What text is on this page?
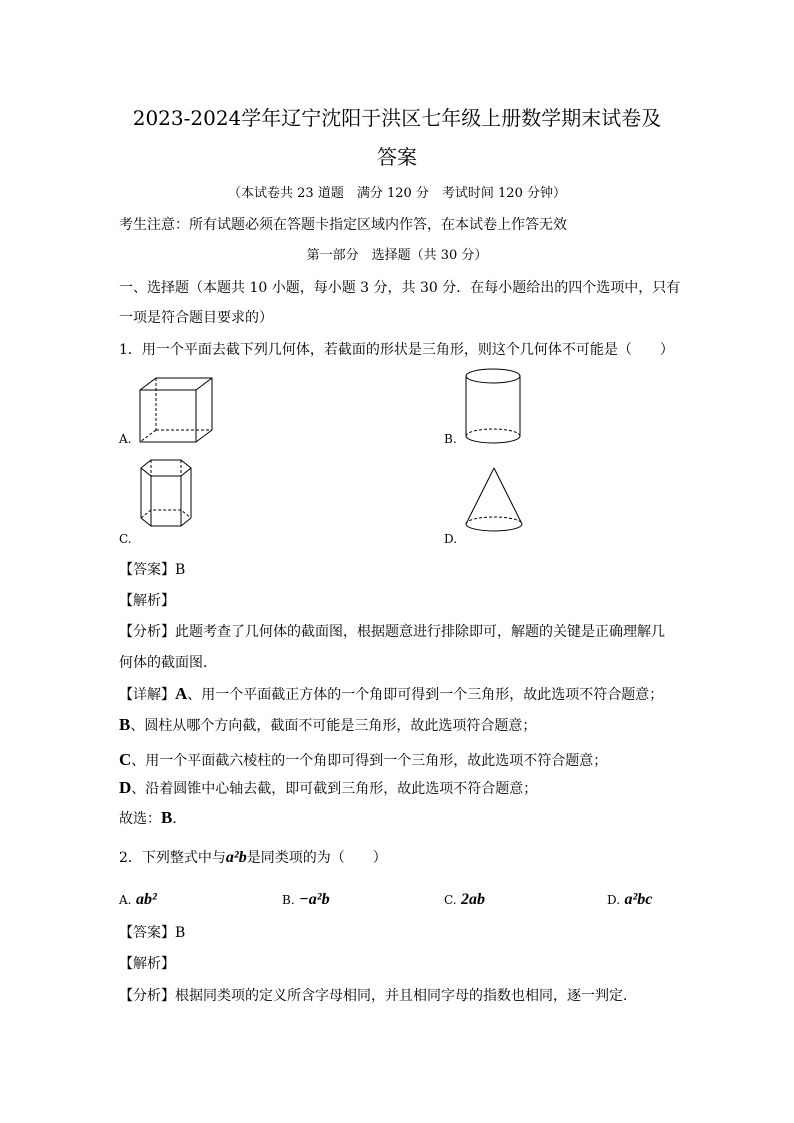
2023-2024学年辽宁沈阳于洪区七年级上册数学期末试卷及
答案
（本试卷共 23 道题　满分 120 分　考试时间 120 分钟）
考生注意：所有试题必须在答题卡指定区域内作答，在本试卷上作答无效
第一部分　选择题（共 30 分）
一、选择题（本题共 10 小题，每小题 3 分，共 30 分．在每小题给出的四个选项中，只有
一项是符合题目要求的）
1．用一个平面去截下列几何体，若截面的形状是三角形，则这个几何体不可能是（　　）
A.	B.
C.	D.
【答案】B
【解析】
【分析】此题考查了几何体的截面图，根据题意进行排除即可，解题的关键是正确理解几
何体的截面图．
【详解】A、用一个平面截正方体的一个角即可得到一个三角形，故此选项不符合题意；
B、圆柱从哪个方向截，截面不可能是三角形，故此选项符合题意；
C、用一个平面截六棱柱的一个角即可得到一个三角形，故此选项不符合题意；
D、沿着圆锥中心轴去截，即可截到三角形，故此选项不符合题意；
故选：B．
2．下列整式中与a²b是同类项的为（　　）
A. ab²	B. −a²b	C. 2ab	D. a²bc
【答案】B
【解析】
【分析】根据同类项的定义所含字母相同，并且相同字母的指数也相同，逐一判定．
